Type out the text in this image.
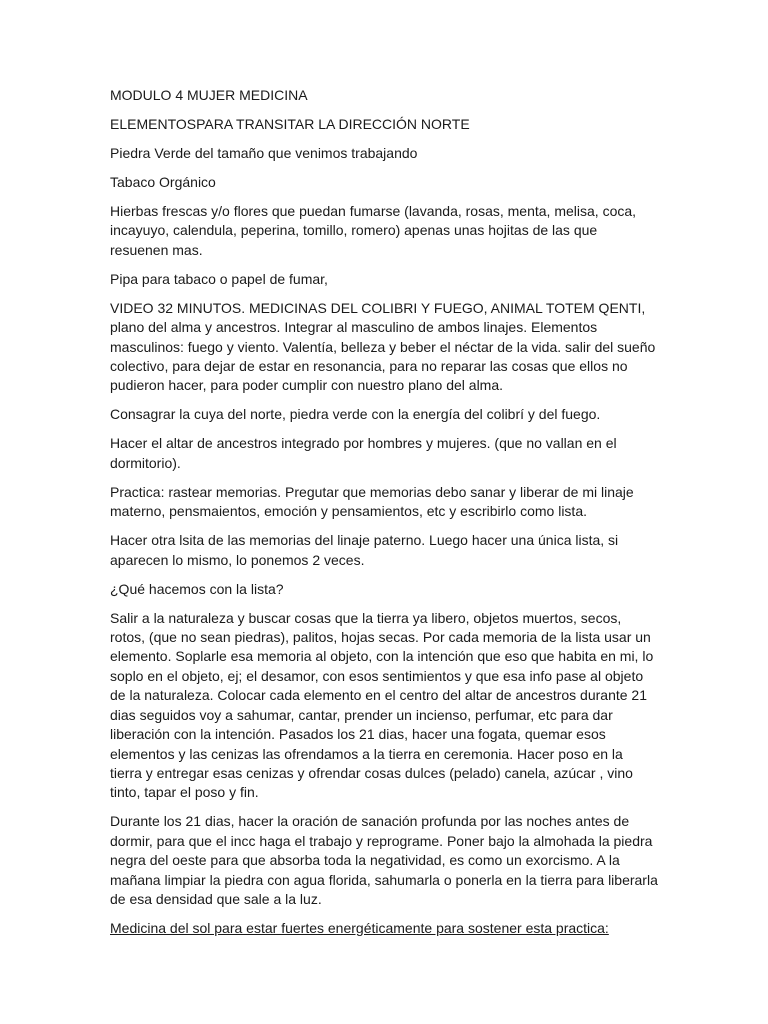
MODULO 4 MUJER MEDICINA

ELEMENTOSPARA TRANSITAR LA DIRECCIÓN NORTE

Piedra Verde del tamaño que venimos trabajando

Tabaco Orgánico

Hierbas frescas y/o flores que puedan fumarse (lavanda, rosas, menta, melisa, coca, incayuyo, calendula, peperina, tomillo, romero) apenas unas hojitas de las que resuenen mas.

Pipa para tabaco o papel de fumar,

VIDEO 32 MINUTOS. MEDICINAS DEL COLIBRI Y FUEGO, ANIMAL TOTEM QENTI, plano del alma y ancestros. Integrar al masculino de ambos linajes. Elementos masculinos: fuego y viento. Valentía, belleza y beber el néctar de la vida. salir del sueño colectivo, para dejar de estar en resonancia, para no reparar las cosas que ellos no pudieron hacer, para poder cumplir con nuestro plano del alma.

Consagrar la cuya del norte, piedra verde con la energía del colibrí y del fuego.

Hacer el altar de ancestros integrado por hombres y mujeres. (que no vallan en el dormitorio).

Practica: rastear memorias. Pregutar que memorias debo sanar y liberar de mi linaje materno, pensmaientos, emoción y pensamientos, etc y escribirlo como lista.

Hacer otra lsita de las memorias del linaje paterno. Luego hacer una única lista, si aparecen lo mismo, lo ponemos 2 veces.

¿Qué hacemos con la lista?

Salir a la naturaleza y buscar cosas que la tierra ya libero, objetos muertos, secos, rotos, (que no sean piedras), palitos, hojas secas. Por cada memoria de la lista usar un elemento. Soplarle esa memoria al objeto, con la intención que eso que habita en mi, lo soplo en el objeto, ej; el desamor, con esos sentimientos y que esa info pase al objeto de la naturaleza. Colocar cada elemento en el centro del altar de ancestros durante 21 dias seguidos voy a sahumar, cantar, prender un incienso, perfumar, etc para dar liberación con la intención. Pasados los 21 dias, hacer una fogata, quemar esos elementos y las cenizas las ofrendamos a la tierra en ceremonia. Hacer poso en la tierra y entregar esas cenizas y ofrendar cosas dulces (pelado) canela, azúcar , vino tinto, tapar el poso y fin.

Durante los 21 dias, hacer la oración de sanación profunda por las noches antes de dormir, para que el incc haga el trabajo y reprograme. Poner bajo la almohada la piedra negra del oeste para que absorba toda la negatividad, es como un exorcismo. A la mañana limpiar la piedra con agua florida, sahumarla o ponerla en la tierra para liberarla de esa densidad que sale a la luz.

Medicina del sol para estar fuertes energéticamente para sostener esta practica:
